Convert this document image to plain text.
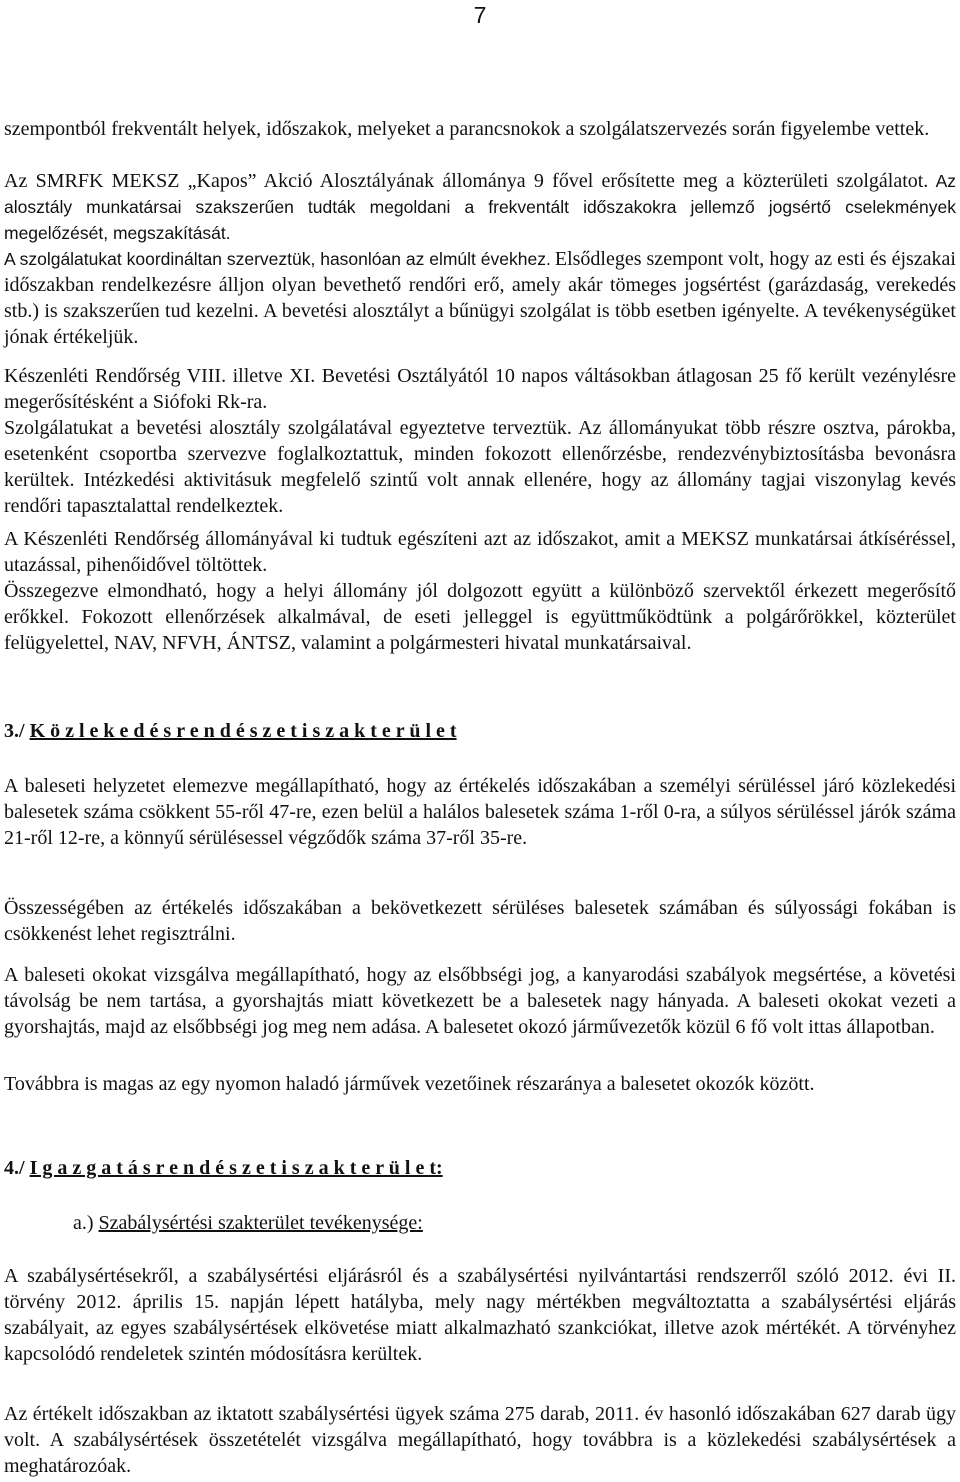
7

szempontból frekventált helyek, időszakok, melyeket a parancsnokok a szolgálatszervezés során figyelembe vettek.

Az SMRFK MEKSZ „Kapos” Akció Alosztályának állománya 9 fővel erősítette meg a közterületi szolgálatot. Az alosztály munkatársai szakszerűen tudták megoldani a frekventált időszakokra jellemző jogsértő cselekmények megelőzését, megszakítását.

A szolgálatukat koordináltan szerveztük, hasonlóan az elmúlt évekhez. Elsődleges szempont volt, hogy az esti és éjszakai időszakban rendelkezésre álljon olyan bevethető rendőri erő, amely akár tömeges jogsértést (garázdaság, verekedés stb.) is szakszerűen tud kezelni. A bevetési alosztályt a bűnügyi szolgálat is több esetben igényelte. A tevékenységüket jónak értékeljük.

Készenléti Rendőrség VIII. illetve XI. Bevetési Osztályától 10 napos váltásokban átlagosan 25 fő került vezénylésre megerősítésként a Siófoki Rk-ra.

Szolgálatukat a bevetési alosztály szolgálatával egyeztetve terveztük. Az állományukat több részre osztva, párokba, esetenként csoportba szervezve foglalkoztattuk, minden fokozott ellenőrzésbe, rendezvénybiztosításba bevonásra kerültek. Intézkedési aktivitásuk megfelelő szintű volt annak ellenére, hogy az állomány tagjai viszonylag kevés rendőri tapasztalattal rendelkeztek.

A Készenléti Rendőrség állományával ki tudtuk egészíteni azt az időszakot, amit a MEKSZ munkatársai átkíséréssel, utazással, pihenőidővel töltöttek.

Összegezve elmondható, hogy a helyi állomány jól dolgozott együtt a különböző szervektől érkezett megerősítő erőkkel. Fokozott ellenőrzések alkalmával, de eseti jelleggel is együttműködtünk a polgárőrökkel, közterület felügyelettel, NAV, NFVH, ÁNTSZ, valamint a polgármesteri hivatal munkatársaival.

3./ K ö z l e k e d é s r e n d é s z e t i s z a k t e r ü l e t

A baleseti helyzetet elemezve megállapítható, hogy az értékelés időszakában a személyi sérüléssel járó közlekedési balesetek száma csökkent 55-ről 47-re, ezen belül a halálos balesetek száma 1-ről 0-ra, a súlyos sérüléssel járók száma 21-ről 12-re, a könnyű sérülésessel végződők száma 37-ről 35-re.

Összességében az értékelés időszakában a bekövetkezett sérüléses balesetek számában és súlyossági fokában is csökkenést lehet regisztrálni.

A baleseti okokat vizsgálva megállapítható, hogy az elsőbbségi jog, a kanyarodási szabályok megsértése, a követési távolság be nem tartása, a gyorshajtás miatt következett be a balesetek nagy hányada. A baleseti okokat vezeti a gyorshajtás, majd az elsőbbségi jog meg nem adása. A balesetet okozó járművezetők közül 6 fő volt ittas állapotban.

Továbbra is magas az egy nyomon haladó járművek vezetőinek részaránya a balesetet okozók között.

4./ I g a z g a t á s r e n d é s z e t i s z a k t e r ü l e t:
a.) Szabálysértési szakterület tevékenysége:

A szabálysértésekről, a szabálysértési eljárásról és a szabálysértési nyilvántartási rendszerről szóló 2012. évi II. törvény 2012. április 15. napján lépett hatályba, mely nagy mértékben megváltoztatta a szabálysértési eljárás szabályait, az egyes szabálysértések elkövetése miatt alkalmazható szankciókat, illetve azok mértékét. A törvényhez kapcsolódó rendeletek szintén módosításra kerültek.

Az értékelt időszakban az iktatott szabálysértési ügyek száma 275 darab, 2011. év hasonló időszakában 627 darab ügy volt. A szabálysértések összetételét vizsgálva megállapítható, hogy továbbra is a közlekedési szabálysértések a meghatározóak.
